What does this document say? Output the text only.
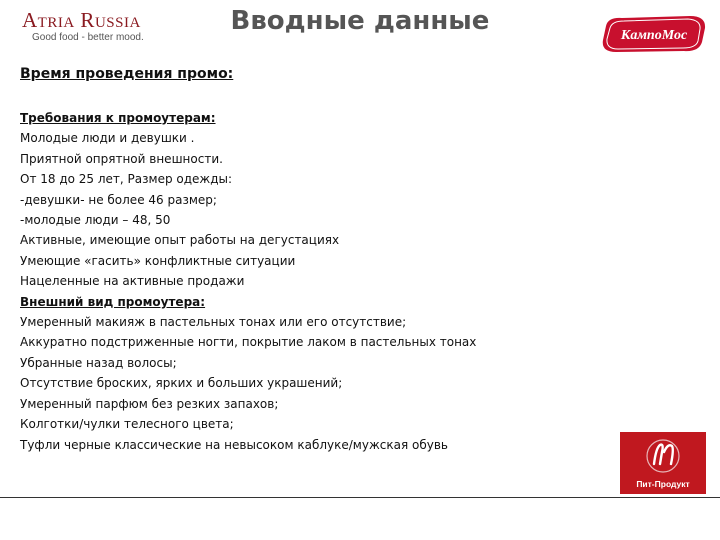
ATRIA RUSSIA
Good food - better mood.
Вводные данные	КампоМос
Время проведения промо:
Требования к промоутерам:
Молодые люди и девушки .
Приятной опрятной внешности.
От 18 до 25 лет, Размер одежды:
-девушки- не более 46 размер;
-молодые люди – 48, 50
Активные, имеющие опыт работы на дегустациях
Умеющие «гасить» конфликтные ситуации
Нацеленные на активные продажи
Внешний вид промоутера:
Умеренный макияж в пастельных тонах или его отсутствие;
Аккуратно подстриженные ногти, покрытие лаком в пастельных тонах
Убранные назад волосы;
Отсутствие броских, ярких и больших украшений;
Умеренный парфюм без резких запахов;
Колготки/чулки телесного цвета;
Туфли черные классические на невысоком каблуке/мужская обувь
Пит-Продукт
